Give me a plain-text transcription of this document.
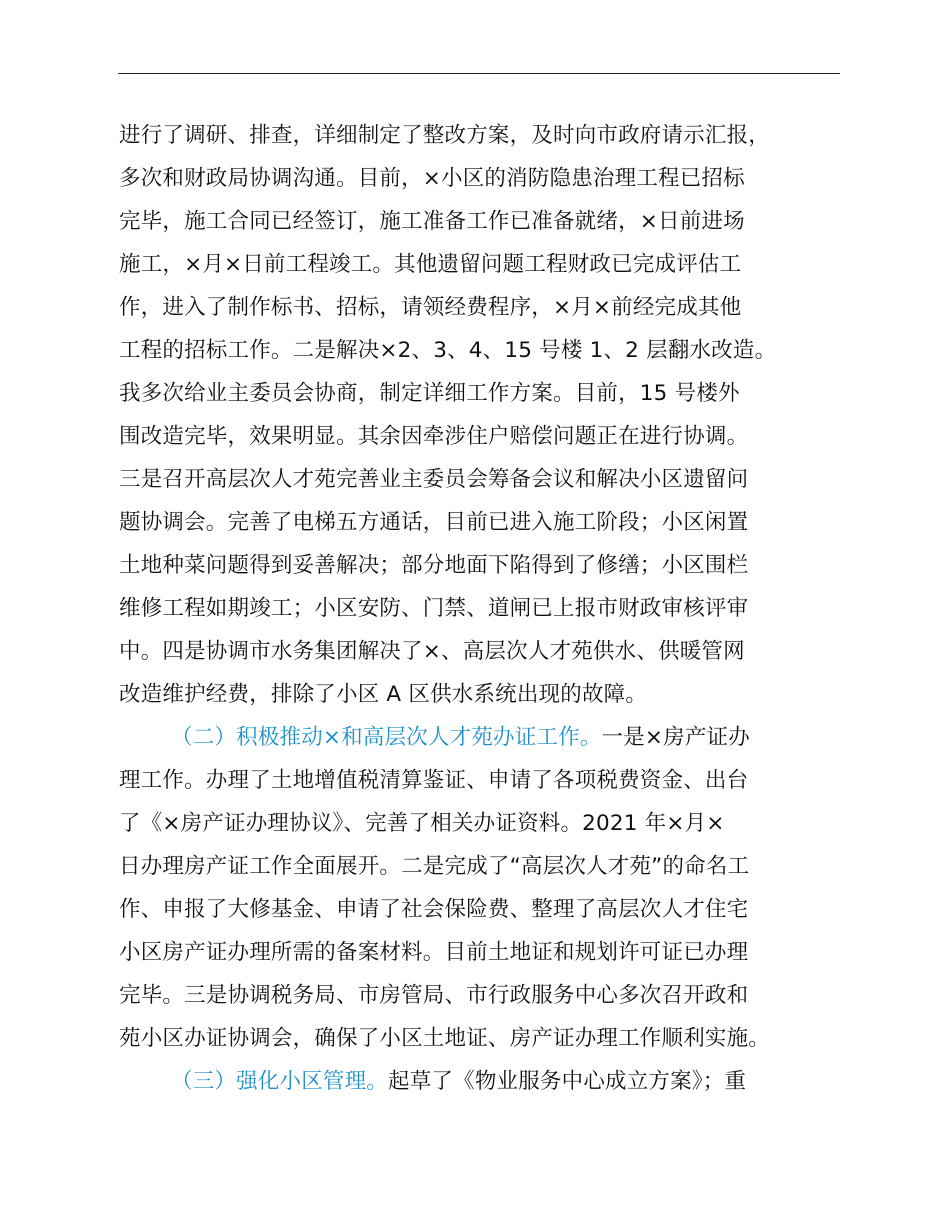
进行了调研、排查，详细制定了整改方案，及时向市政府请示汇报，
多次和财政局协调沟通。目前，×小区的消防隐患治理工程已招标
完毕，施工合同已经签订，施工准备工作已准备就绪，×日前进场
施工，×月×日前工程竣工。其他遗留问题工程财政已完成评估工
作，进入了制作标书、招标，请领经费程序，×月×前经完成其他
工程的招标工作。二是解决×2、3、4、15 号楼 1、2 层翻水改造。
我多次给业主委员会协商，制定详细工作方案。目前，15 号楼外
围改造完毕，效果明显。其余因牵涉住户赔偿问题正在进行协调。
三是召开高层次人才苑完善业主委员会筹备会议和解决小区遗留问
题协调会。完善了电梯五方通话，目前已进入施工阶段；小区闲置
土地种菜问题得到妥善解决；部分地面下陷得到了修缮；小区围栏
维修工程如期竣工；小区安防、门禁、道闸已上报市财政审核评审
中。四是协调市水务集团解决了×、高层次人才苑供水、供暖管网
改造维护经费，排除了小区 A 区供水系统出现的故障。
（二）积极推动×和高层次人才苑办证工作。一是×房产证办
理工作。办理了土地增值税清算鉴证、申请了各项税费资金、出台
了《×房产证办理协议》、完善了相关办证资料。2021 年×月×
日办理房产证工作全面展开。二是完成了“高层次人才苑”的命名工
作、申报了大修基金、申请了社会保险费、整理了高层次人才住宅
小区房产证办理所需的备案材料。目前土地证和规划许可证已办理
完毕。三是协调税务局、市房管局、市行政服务中心多次召开政和
苑小区办证协调会，确保了小区土地证、房产证办理工作顺利实施。
（三）强化小区管理。起草了《物业服务中心成立方案》；重
